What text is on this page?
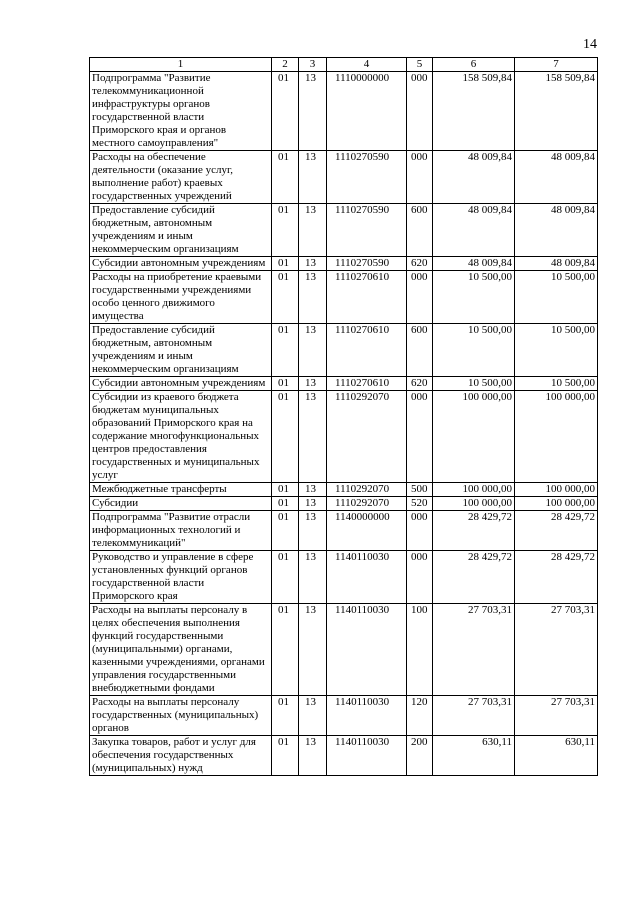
14
1	2	3	4	5	6	7
Подпрограмма "Развитие телекоммуникационной инфраструктуры органов государственной власти Приморского края и органов местного самоуправления"	01	13	1110000000	000	158 509,84	158 509,84
Расходы на обеспечение деятельности (оказание услуг, выполнение работ) краевых государственных учреждений	01	13	1110270590	000	48 009,84	48 009,84
Предоставление субсидий бюджетным, автономным учреждениям и иным некоммерческим организациям	01	13	1110270590	600	48 009,84	48 009,84
Субсидии автономным учреждениям	01	13	1110270590	620	48 009,84	48 009,84
Расходы на приобретение краевыми государственными учреждениями особо ценного движимого имущества	01	13	1110270610	000	10 500,00	10 500,00
Предоставление субсидий бюджетным, автономным учреждениям и иным некоммерческим организациям	01	13	1110270610	600	10 500,00	10 500,00
Субсидии автономным учреждениям	01	13	1110270610	620	10 500,00	10 500,00
Субсидии из краевого бюджета бюджетам муниципальных образований Приморского края на содержание многофункциональных центров предоставления государственных и муниципальных услуг	01	13	1110292070	000	100 000,00	100 000,00
Межбюджетные трансферты	01	13	1110292070	500	100 000,00	100 000,00
Субсидии	01	13	1110292070	520	100 000,00	100 000,00
Подпрограмма "Развитие отрасли информационных технологий и телекоммуникаций"	01	13	1140000000	000	28 429,72	28 429,72
Руководство и управление в сфере установленных функций органов государственной власти Приморского края	01	13	1140110030	000	28 429,72	28 429,72
Расходы на выплаты персоналу в целях обеспечения выполнения функций государственными (муниципальными) органами, казенными учреждениями, органами управления государственными внебюджетными фондами	01	13	1140110030	100	27 703,31	27 703,31
Расходы на выплаты персоналу государственных (муниципальных) органов	01	13	1140110030	120	27 703,31	27 703,31
Закупка товаров, работ и услуг для обеспечения государственных (муниципальных) нужд	01	13	1140110030	200	630,11	630,11
